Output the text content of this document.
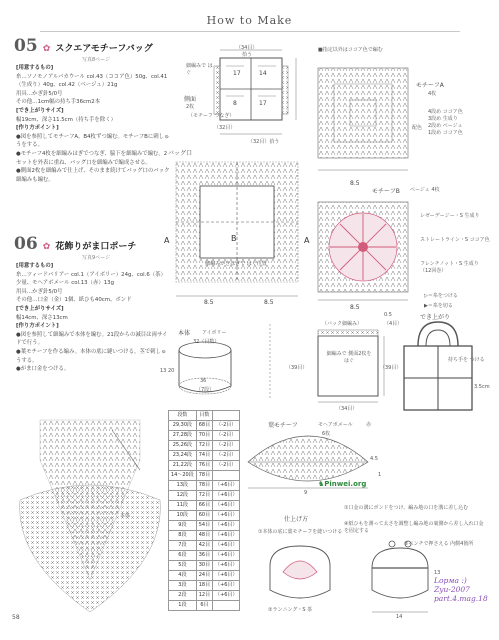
How to Make
05 ✿ スクエアモチーフバッグ
写真8ページ

[用意するもの]

糸…ソノモノアルパカウール col.43（ココア色）50g、col.41（生成り）40g、col.42（ベージュ）21g

用具…かぎ針5/0号

その他…1cm幅の持ち手36cm2本

[でき上がりサイズ]

幅19cm、深さ11.5cm（持ち手を除く）

[作り方ポイント]

●図を参照してモチーフA、B4枚ずつ編む。モチーフBに刺しゅうをする。

●モチーフ4枚を細編みはぎでつなぎ、脇下を細編みで編む。2セットを外表に重ね、バッグ口を細編みで編成させる。

●側面2枚を細編みで仕上げ、そのまま続けてバッグ口のバック細編みも編む。

06 ✿ 花飾りがま口ポーチ
写真9ページ

[用意するもの]

糸…ツィードバリアー col.1（アイボリー）24g、col.6（茶）少量、モヘアボメール col.13（赤）13g

用具…かぎ針5/0号

その他…口金（金）1個、紙ひも40cm、ボンド

[でき上がりサイズ]

幅14cm、深さ13cm

[作り方ポイント]

●図を参照して細編みで本体を編む。21段からの減目は両サイドで行う。

●葉モチーフを作る編み。本体の底に縫いつける。茎で刺しゅうする。

●がま口金をつける。

（34目）
拾う
細編みで はぐ
側面
2枚
（モチーフ つなぎ）
（32目）
（32目）拾う
17
17
14
8
バッグ口
A	A
B
細編みがきはぎで はぐ位置
8.5	8.5
■指定以外はココア色で編む
モチーフA
4枚
配色
4段め ココア色
3段め 生成り
2段め ベージュ
1段め ココア色
8.5
8.5
モチーフB ベージュ 4枚
レゼーデージー・S 生成り
ストレートライン・S ココア色
フレンチノット・S 生成り（12回巻）
▷＝糸をつける
▶＝糸を切る
（バック細編み）	（4目）
0.5
細編みで 側面2枚を はぐ
（39目）	（39目）
（34目）
でき上がり
持ち手を つける
3.5cm
本体 アイボリー
32（目数）
36
（7段）
13 20
段数	目数	
29,30段	68目	（-2目）
27,28段	70目	（-2目）
25,26段	72目	（-2目）
23,24段	74目	（-2目）
21,22段	76目	（-2目）
14～20段	78目	
13段	78目	（+6目）
12段	72目	（+6目）
11段	66目	（+6目）
10段	60目	（+6目）
9段	54目	（+6目）
8段	48目	（+6目）
7段	42目	（+6目）
6段	36目	（+6目）
5段	30目	（+6目）
4段	24目	（+6目）
3段	18目	（+6目）
2段	12目	（+6目）
1段	6目	
本体
葉モチーフ	モヘアボメール	赤
6枚
4.5
1
9
♞Pinwei.org
仕上げ方
①本体の底に葉モチーフを縫いつける
②ランニング・S 茶
①口金の溝にボンドをつけ、編み地の口を溝に差し込む
④紙ひもを測って太さを調整し編み地の裏側から差し入れ口金を固定する
⑤ペンチで押さえる 内側4箇所
14
13
Lорма :)
Zyu-2007
part.4.mag.18
58
